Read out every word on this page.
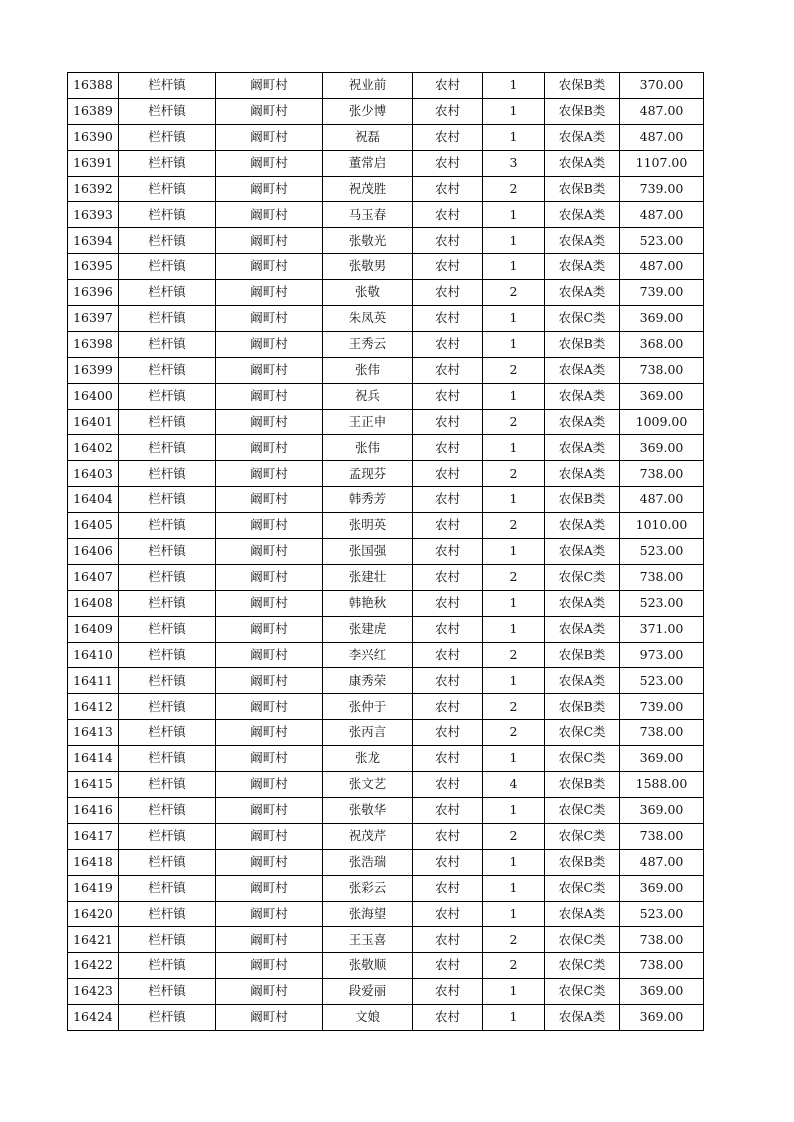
16388	栏杆镇	阚町村	祝业前	农村	1	农保B类	370.00
16389	栏杆镇	阚町村	张少博	农村	1	农保B类	487.00
16390	栏杆镇	阚町村	祝磊	农村	1	农保A类	487.00
16391	栏杆镇	阚町村	董常启	农村	3	农保A类	1107.00
16392	栏杆镇	阚町村	祝茂胜	农村	2	农保B类	739.00
16393	栏杆镇	阚町村	马玉春	农村	1	农保A类	487.00
16394	栏杆镇	阚町村	张敬光	农村	1	农保A类	523.00
16395	栏杆镇	阚町村	张敬男	农村	1	农保A类	487.00
16396	栏杆镇	阚町村	张敬	农村	2	农保A类	739.00
16397	栏杆镇	阚町村	朱凤英	农村	1	农保C类	369.00
16398	栏杆镇	阚町村	王秀云	农村	1	农保B类	368.00
16399	栏杆镇	阚町村	张伟	农村	2	农保A类	738.00
16400	栏杆镇	阚町村	祝兵	农村	1	农保A类	369.00
16401	栏杆镇	阚町村	王正申	农村	2	农保A类	1009.00
16402	栏杆镇	阚町村	张伟	农村	1	农保A类	369.00
16403	栏杆镇	阚町村	孟现芬	农村	2	农保A类	738.00
16404	栏杆镇	阚町村	韩秀芳	农村	1	农保B类	487.00
16405	栏杆镇	阚町村	张明英	农村	2	农保A类	1010.00
16406	栏杆镇	阚町村	张国强	农村	1	农保A类	523.00
16407	栏杆镇	阚町村	张建壮	农村	2	农保C类	738.00
16408	栏杆镇	阚町村	韩艳秋	农村	1	农保A类	523.00
16409	栏杆镇	阚町村	张建虎	农村	1	农保A类	371.00
16410	栏杆镇	阚町村	李兴红	农村	2	农保B类	973.00
16411	栏杆镇	阚町村	康秀荣	农村	1	农保A类	523.00
16412	栏杆镇	阚町村	张仲于	农村	2	农保B类	739.00
16413	栏杆镇	阚町村	张丙言	农村	2	农保C类	738.00
16414	栏杆镇	阚町村	张龙	农村	1	农保C类	369.00
16415	栏杆镇	阚町村	张文艺	农村	4	农保B类	1588.00
16416	栏杆镇	阚町村	张敬华	农村	1	农保C类	369.00
16417	栏杆镇	阚町村	祝茂芹	农村	2	农保C类	738.00
16418	栏杆镇	阚町村	张浩瑞	农村	1	农保B类	487.00
16419	栏杆镇	阚町村	张彩云	农村	1	农保C类	369.00
16420	栏杆镇	阚町村	张海望	农村	1	农保A类	523.00
16421	栏杆镇	阚町村	王玉喜	农村	2	农保C类	738.00
16422	栏杆镇	阚町村	张敬顺	农村	2	农保C类	738.00
16423	栏杆镇	阚町村	段爱丽	农村	1	农保C类	369.00
16424	栏杆镇	阚町村	文娘	农村	1	农保A类	369.00
